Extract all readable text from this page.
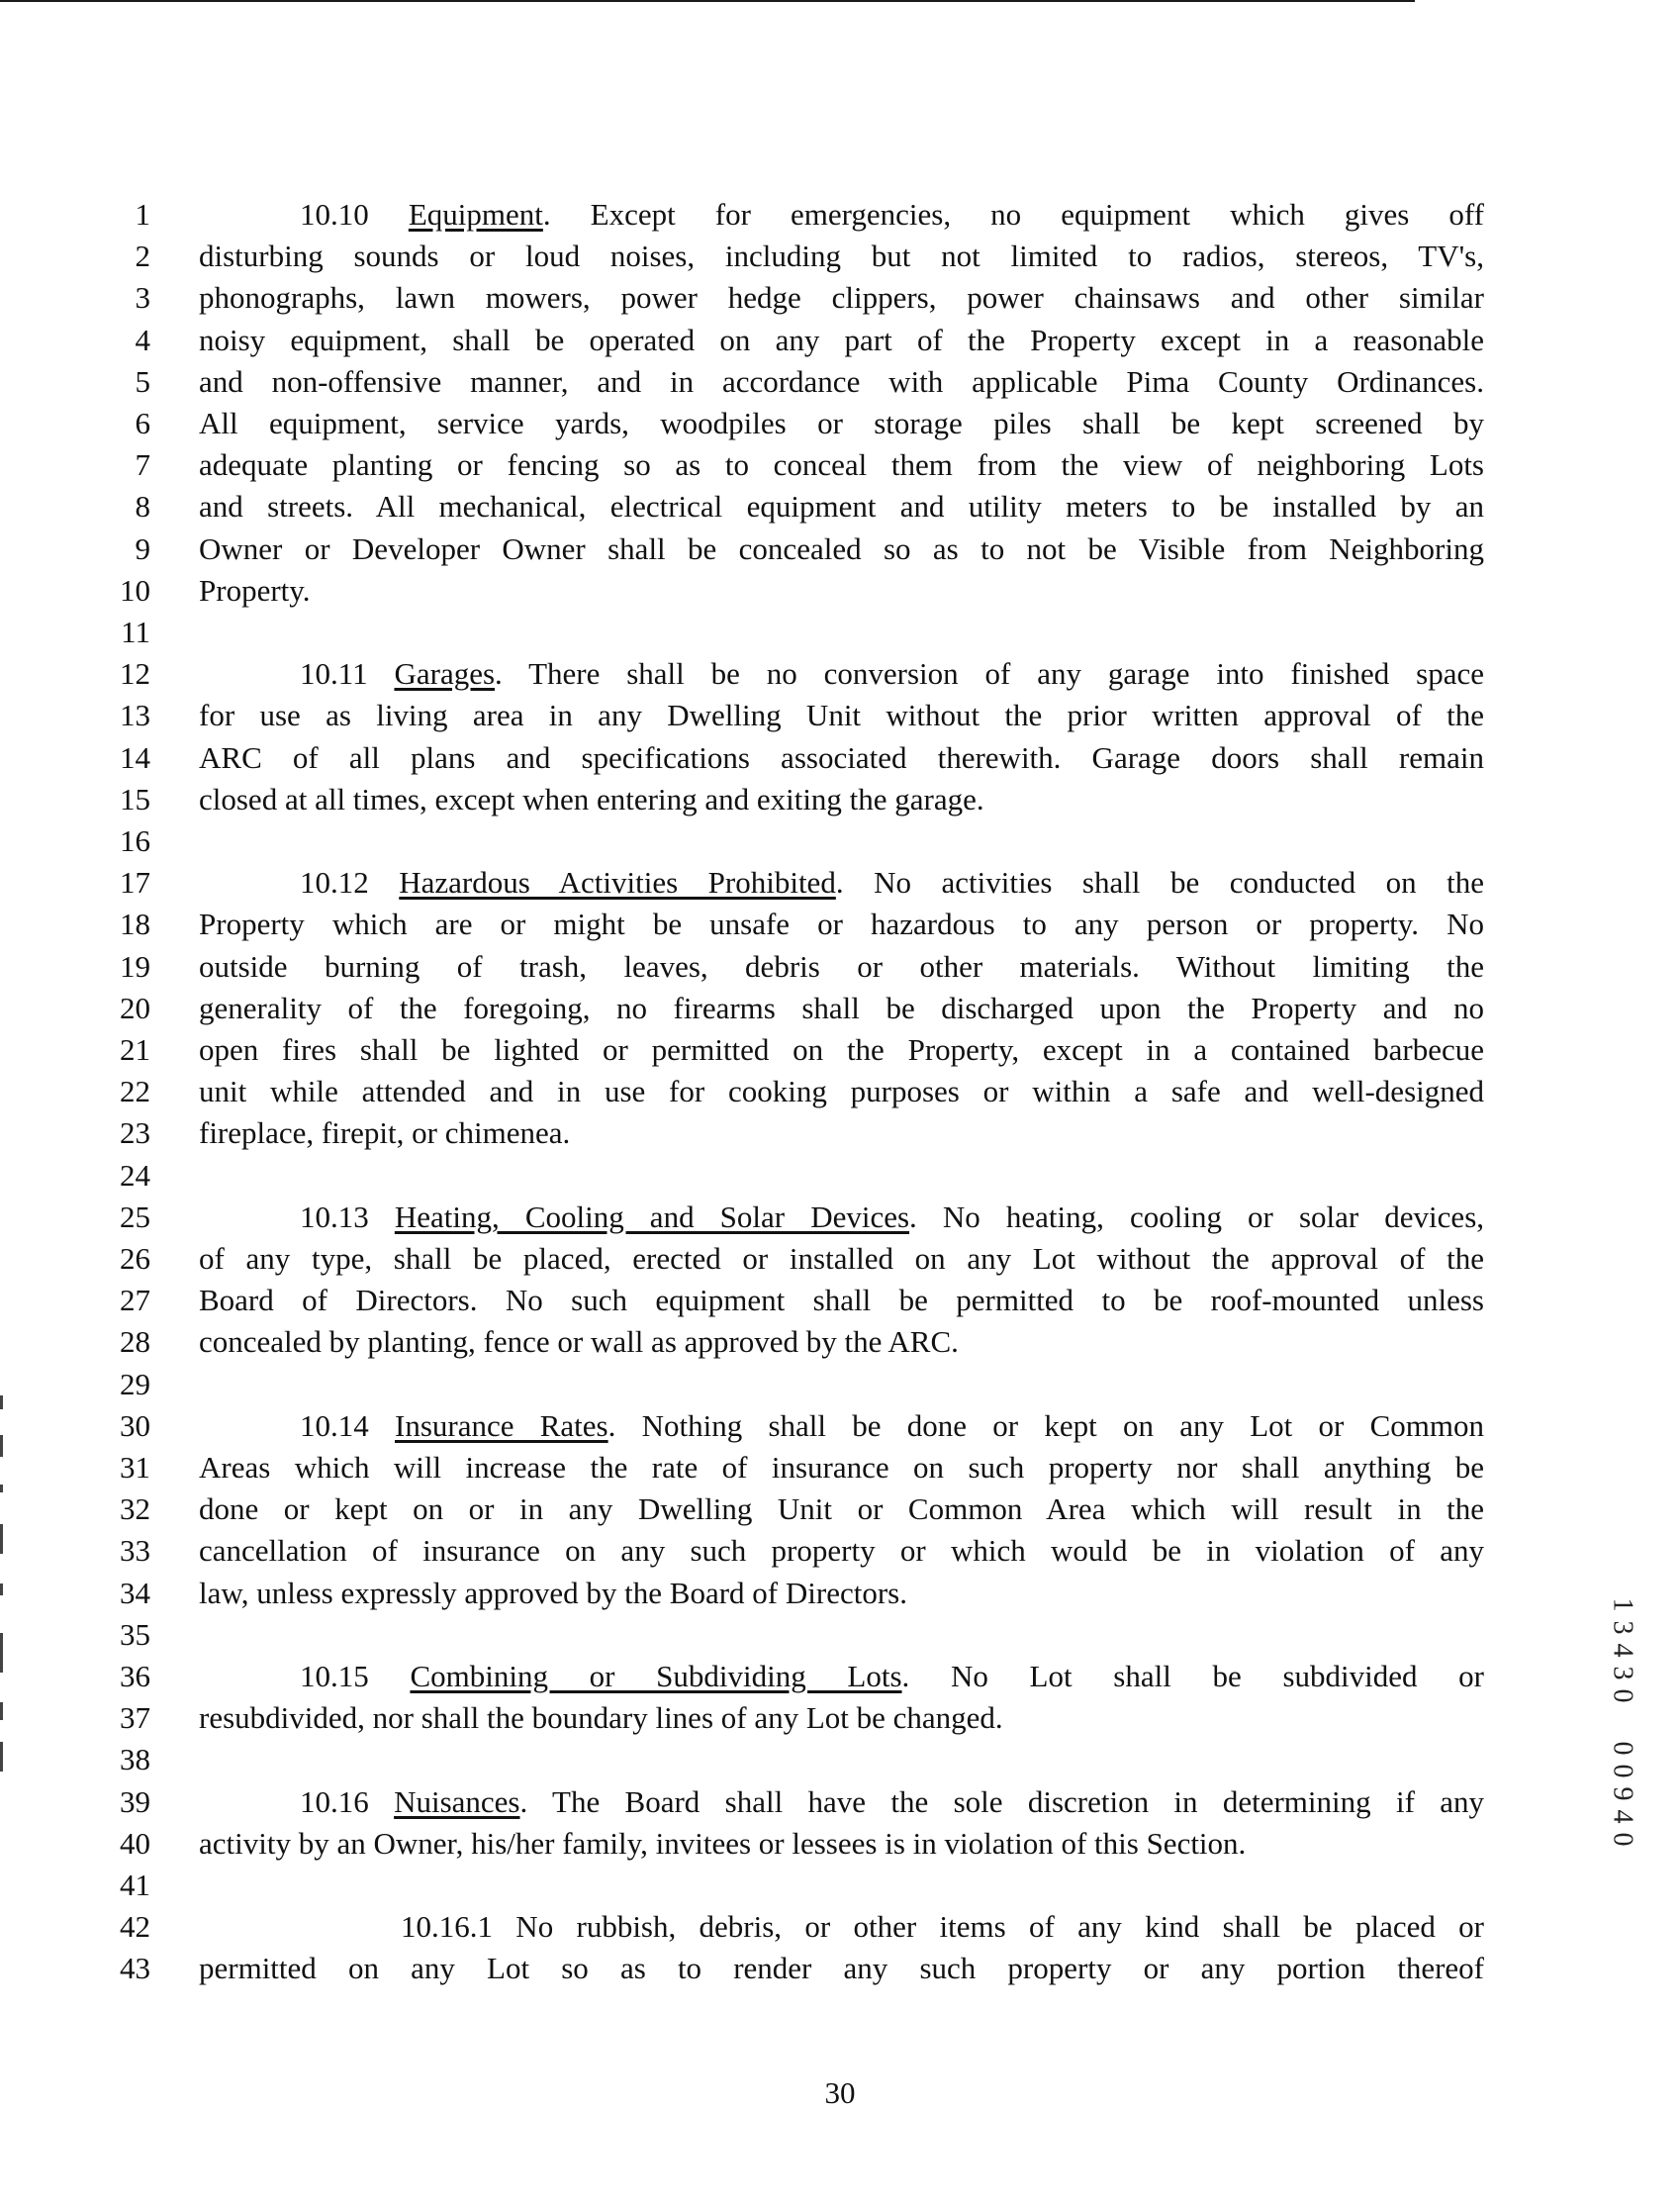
1	10.10 Equipment. Except for emergencies, no equipment which gives off
2 disturbing sounds or loud noises, including but not limited to radios, stereos, TV's,
3 phonographs, lawn mowers, power hedge clippers, power chainsaws and other similar
4 noisy equipment, shall be operated on any part of the Property except in a reasonable
5 and non-offensive manner, and in accordance with applicable Pima County Ordinances.
6 All equipment, service yards, woodpiles or storage piles shall be kept screened by
7 adequate planting or fencing so as to conceal them from the view of neighboring Lots
8 and streets. All mechanical, electrical equipment and utility meters to be installed by an
9 Owner or Developer Owner shall be concealed so as to not be Visible from Neighboring
10 Property.
11
12	10.11 Garages. There shall be no conversion of any garage into finished space
13 for use as living area in any Dwelling Unit without the prior written approval of the
14 ARC of all plans and specifications associated therewith. Garage doors shall remain
15 closed at all times, except when entering and exiting the garage.
16
17	10.12 Hazardous Activities Prohibited. No activities shall be conducted on the
18 Property which are or might be unsafe or hazardous to any person or property. No
19 outside burning of trash, leaves, debris or other materials. Without limiting the
20 generality of the foregoing, no firearms shall be discharged upon the Property and no
21 open fires shall be lighted or permitted on the Property, except in a contained barbecue
22 unit while attended and in use for cooking purposes or within a safe and well-designed
23 fireplace, firepit, or chimenea.
24
25	10.13 Heating, Cooling and Solar Devices. No heating, cooling or solar devices,
26 of any type, shall be placed, erected or installed on any Lot without the approval of the
27 Board of Directors. No such equipment shall be permitted to be roof-mounted unless
28 concealed by planting, fence or wall as approved by the ARC.
29
30	10.14 Insurance Rates. Nothing shall be done or kept on any Lot or Common
31 Areas which will increase the rate of insurance on such property nor shall anything be
32 done or kept on or in any Dwelling Unit or Common Area which will result in the
33 cancellation of insurance on any such property or which would be in violation of any
34 law, unless expressly approved by the Board of Directors.
35
36	10.15 Combining or Subdividing Lots. No Lot shall be subdivided or
37 resubdivided, nor shall the boundary lines of any Lot be changed.
38
39	10.16 Nuisances. The Board shall have the sole discretion in determining if any
40 activity by an Owner, his/her family, invitees or lessees is in violation of this Section.
41
42	10.16.1 No rubbish, debris, or other items of any kind shall be placed or
43 permitted on any Lot so as to render any such property or any portion thereof
30
1
3
4
3
0
0
0
9
4
0
